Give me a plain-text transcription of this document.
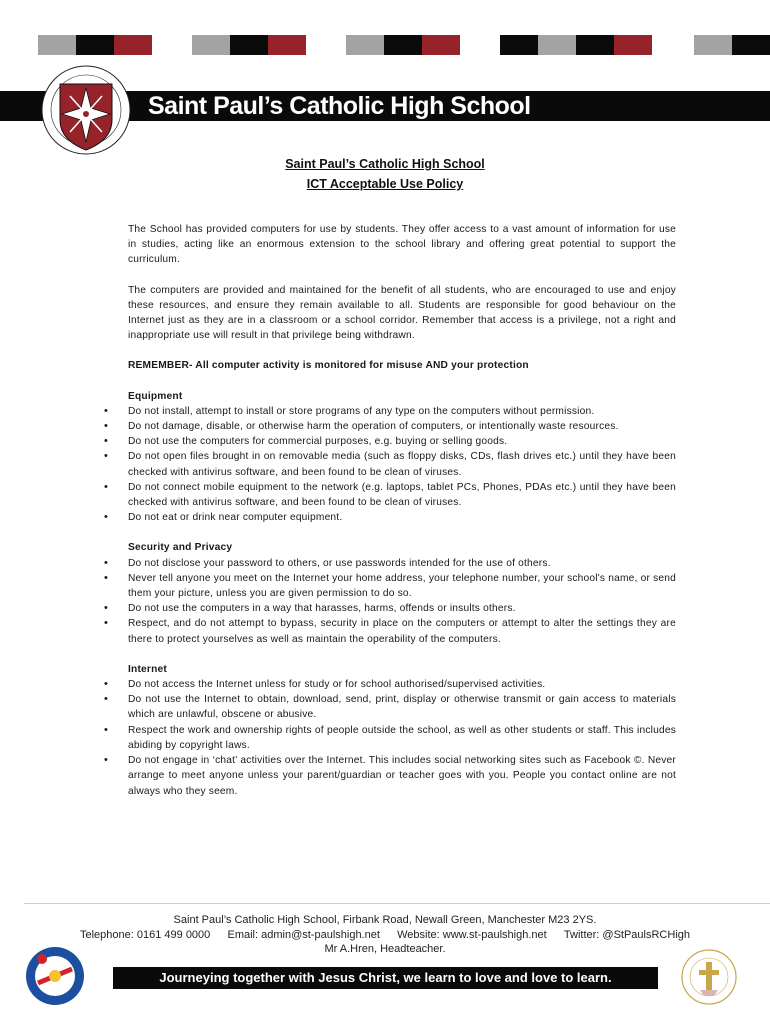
Saint Paul’s Catholic High School
Saint Paul’s Catholic High School
ICT Acceptable Use Policy

The School has provided computers for use by students. They offer access to a vast amount of information for use in studies, acting like an enormous extension to the school library and offering great potential to support the curriculum.

The computers are provided and maintained for the benefit of all students, who are encouraged to use and enjoy these resources, and ensure they remain available to all. Students are responsible for good behaviour on the Internet just as they are in a classroom or a school corridor. Remember that access is a privilege, not a right and inappropriate use will result in that privilege being withdrawn.

REMEMBER- All computer activity is monitored for misuse AND your protection

Equipment

• Do not install, attempt to install or store programs of any type on the computers without permission.
• Do not damage, disable, or otherwise harm the operation of computers, or intentionally waste resources.
• Do not use the computers for commercial purposes, e.g. buying or selling goods.
• Do not open files brought in on removable media (such as floppy disks, CDs, flash drives etc.) until they have been checked with antivirus software, and been found to be clean of viruses.
• Do not connect mobile equipment to the network (e.g. laptops, tablet PCs, Phones, PDAs etc.) until they have been checked with antivirus software, and been found to be clean of viruses.
• Do not eat or drink near computer equipment.

Security and Privacy

• Do not disclose your password to others, or use passwords intended for the use of others.
• Never tell anyone you meet on the Internet your home address, your telephone number, your school's name, or send them your picture, unless you are given permission to do so.
• Do not use the computers in a way that harasses, harms, offends or insults others.
• Respect, and do not attempt to bypass, security in place on the computers or attempt to alter the settings they are there to protect yourselves as well as maintain the operability of the computers.

Internet

• Do not access the Internet unless for study or for school authorised/supervised activities.
• Do not use the Internet to obtain, download, send, print, display or otherwise transmit or gain access to materials which are unlawful, obscene or abusive.
• Respect the work and ownership rights of people outside the school, as well as other students or staff. This includes abiding by copyright laws.
• Do not engage in ‘chat’ activities over the Internet. This includes social networking sites such as Facebook ©. Never arrange to meet anyone unless your parent/guardian or teacher goes with you. People you contact online are not always who they seem.
Saint Paul’s Catholic High School, Firbank Road, Newall Green, Manchester M23 2YS.
Telephone: 0161 499 0000 Email: admin@st-paulshigh.net Website: www.st-paulshigh.net Twitter: @StPaulsRCHigh
Mr A.Hren, Headteacher.
Journeying together with Jesus Christ, we learn to love and love to learn.
